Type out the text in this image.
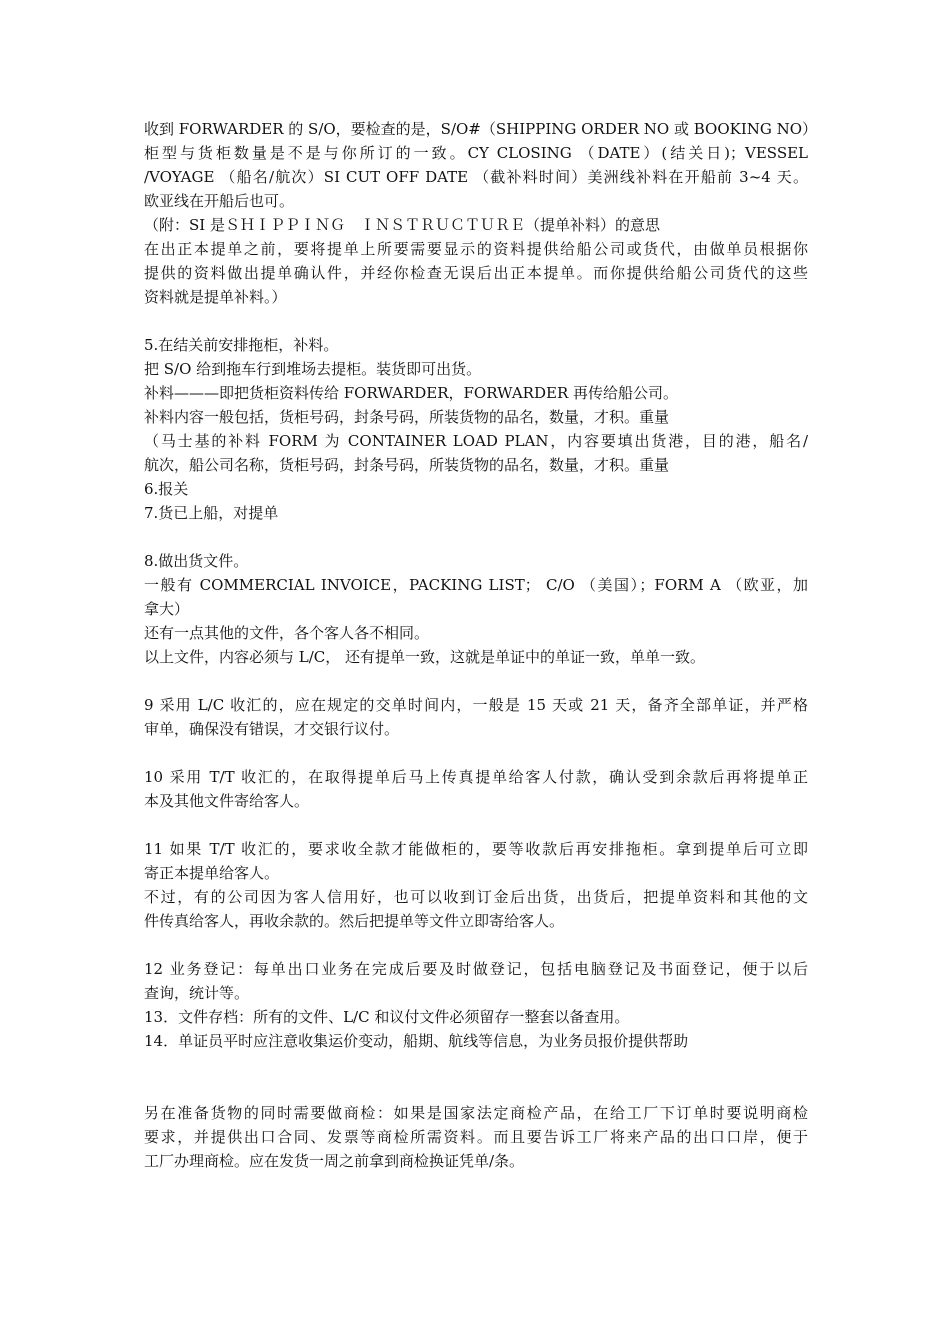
收到 FORWARDER 的 S/O，要检查的是，S/O#（SHIPPING ORDER NO 或 BOOKING NO）
柜型与货柜数量是不是与你所订的一致。CY CLOSING （DATE）(结关日)；VESSEL
/VOYAGE （船名/航次）SI CUT OFF DATE （截补料时间）美洲线补料在开船前 3~4 天。
欧亚线在开船后也可。
（附：SI 是ＳＨＩＰＰＩＮＧ　ＩＮＳＴＲＵＣＴＵＲＥ（提单补料）的意思
在出正本提单之前，要将提单上所要需要显示的资料提供给船公司或货代，由做单员根据你
提供的资料做出提单确认件，并经你检查无误后出正本提单。而你提供给船公司货代的这些
资料就是提单补料。）
5.在结关前安排拖柜，补料。
把 S/O 给到拖车行到堆场去提柜。装货即可出货。
补料———即把货柜资料传给 FORWARDER，FORWARDER 再传给船公司。
补料内容一般包括，货柜号码，封条号码，所装货物的品名，数量，才积。重量
（马士基的补料 FORM 为 CONTAINER LOAD PLAN，内容要填出货港，目的港，船名/
航次，船公司名称，货柜号码，封条号码，所装货物的品名，数量，才积。重量
6.报关
7.货已上船，对提单
8.做出货文件。
一般有 COMMERCIAL INVOICE，PACKING LIST； C/O （美国）；FORM A （欧亚，加
拿大）
还有一点其他的文件，各个客人各不相同。
以上文件，内容必须与 L/C， 还有提单一致，这就是单证中的单证一致，单单一致。
9 采用 L/C 收汇的，应在规定的交单时间内，一般是 15 天或 21 天，备齐全部单证，并严格
审单，确保没有错误，才交银行议付。
10 采用 T/T 收汇的，在取得提单后马上传真提单给客人付款，确认受到余款后再将提单正
本及其他文件寄给客人。
11 如果 T/T 收汇的，要求收全款才能做柜的，要等收款后再安排拖柜。拿到提单后可立即
寄正本提单给客人。
不过，有的公司因为客人信用好，也可以收到订金后出货，出货后，把提单资料和其他的文
件传真给客人，再收余款的。然后把提单等文件立即寄给客人。
12 业务登记：每单出口业务在完成后要及时做登记，包括电脑登记及书面登记，便于以后
查询，统计等。
13．文件存档：所有的文件、L/C 和议付文件必须留存一整套以备查用。
14．单证员平时应注意收集运价变动，船期、航线等信息，为业务员报价提供帮助
另在准备货物的同时需要做商检：如果是国家法定商检产品，在给工厂下订单时要说明商检
要求，并提供出口合同、发票等商检所需资料。而且要告诉工厂将来产品的出口口岸，便于
工厂办理商检。应在发货一周之前拿到商检换证凭单/条。
